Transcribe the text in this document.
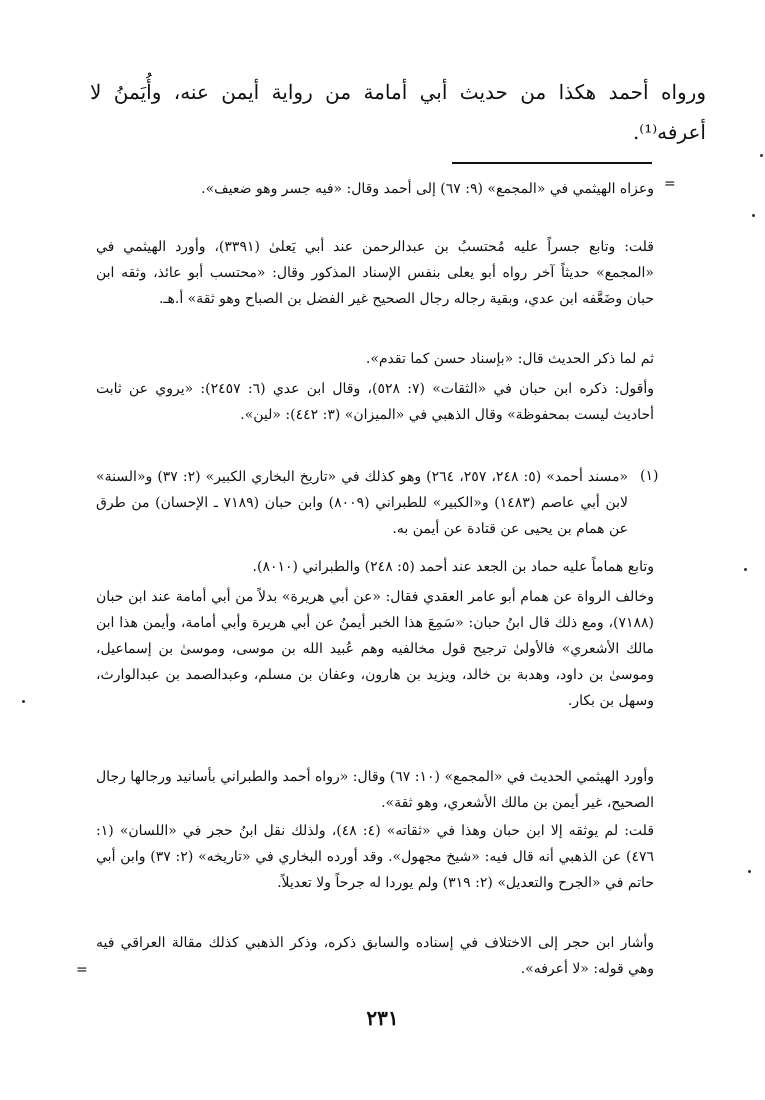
ورواه أحمد هكذا من حديث أبي أمامة من رواية أيمن عنه، وأُيَمنُ لا أعرفه⁽¹⁾.

=

وعزاه الهيثمي في «المجمع» (٩: ٦٧) إلى أحمد وقال: «فيه جسر وهو ضعيف».

قلت: وتابع جسراً عليه مُحتسبُ بن عبدالرحمن عند أبي يَعلىٰ (٣٣٩١)، وأورد الهيثمي في «المجمع» حديثاً آخر رواه أبو يعلى بنفس الإسناد المذكور وقال: «محتسب أبو عائذ، وثقه ابن حبان وضَعَّفه ابن عدي، وبقية رجاله رجال الصحيح غير الفضل بن الصباح وهو ثقة» أ.هـ.

ثم لما ذكر الحديث قال: «بإسناد حسن كما تقدم».

وأقول: ذكره ابن حبان في «الثقات» (٧: ٥٢٨)، وقال ابن عدي (٦: ٢٤٥٧): «يروي عن ثابت أحاديث ليست بمحفوظة» وقال الذهبي في «الميزان» (٣: ٤٤٢): «لين».

(١)

«مسند أحمد» (٥: ٢٤٨، ٢٥٧، ٢٦٤) وهو كذلك في «تاريخ البخاري الكبير» (٢: ٣٧) و«السنة» لابن أبي عاصم (١٤٨٣) و«الكبير» للطبراني (٨٠٠٩) وابن حبان (٧١٨٩ ـ الإحسان) من طرق عن همام بن يحيى عن قتادة عن أيمن به.

وتابع هماماً عليه حماد بن الجعد عند أحمد (٥: ٢٤٨) والطبراني (٨٠١٠).

وخالف الرواة عن همام أبو عامر العقدي فقال: «عن أبي هريرة» بدلاً من أبي أمامة عند ابن حبان (٧١٨٨)، ومع ذلك قال ابنُ حبان: «سَمِعَ هذا الخبر أيمنُ عن أبي هريرة وأبي أمامة، وأيمن هذا ابن مالك الأشعري» فالأولىٰ ترجيح قول مخالفيه وهم عُبيد الله بن موسى، وموسىٰ بن إسماعيل، وموسىٰ بن داود، وهدبة بن خالد، ويزيد بن هارون، وعفان بن مسلم، وعبدالصمد بن عبدالوارث، وسهل بن بكار.

وأورد الهيثمي الحديث في «المجمع» (١٠: ٦٧) وقال: «رواه أحمد والطبراني بأسانيد ورجالها رجال الصحيح، غير أيمن بن مالك الأشعري، وهو ثقة».

قلت: لم يوثقه إلا ابن حبان وهذا في «ثقاته» (٤: ٤٨)، ولذلك نقل ابنُ حجر في «اللسان» (١: ٤٧٦) عن الذهبي أنه قال فيه: «شيخ مجهول». وقد أورده البخاري في «تاريخه» (٢: ٣٧) وابن أبي حاتم في «الجرح والتعديل» (٢: ٣١٩) ولم يوردا له جرحاً ولا تعديلاً.

وأشار ابن حجر إلى الاختلاف في إسناده والسابق ذكره، وذكر الذهبي كذلك مقالة العراقي فيه وهي قوله: «لا أعرفه».

=
٢٣١
